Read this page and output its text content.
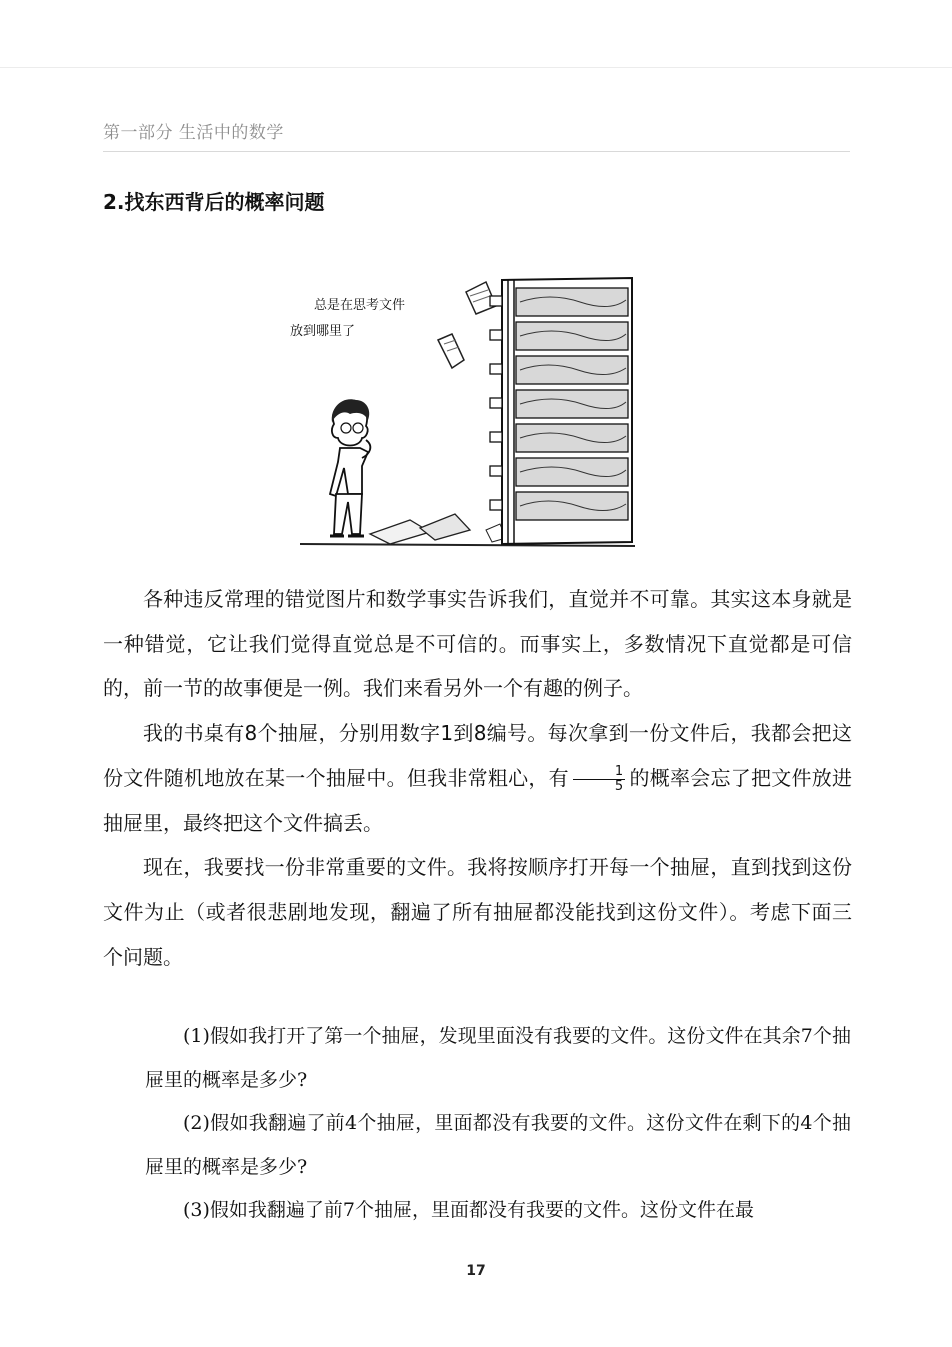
第一部分 生活中的数学
2.找东西背后的概率问题
总是在思考文件
放到哪里了

各种违反常理的错觉图片和数学事实告诉我们，直觉并不可靠。其实这本身就是一种错觉，它让我们觉得直觉总是不可信的。而事实上，多数情况下直觉都是可信的，前一节的故事便是一例。我们来看另外一个有趣的例子。

我的书桌有8个抽屉，分别用数字1到8编号。每次拿到一份文件后，我都会把这份文件随机地放在某一个抽屉中。但我非常粗心，有 $\frac{1}{5}$ 的概率会忘了把文件放进抽屉里，最终把这个文件搞丢。

现在，我要找一份非常重要的文件。我将按顺序打开每一个抽屉，直到找到这份文件为止（或者很悲剧地发现，翻遍了所有抽屉都没能找到这份文件）。考虑下面三个问题。

(1)假如我打开了第一个抽屉，发现里面没有我要的文件。这份文件在其余7个抽屉里的概率是多少?

(2)假如我翻遍了前4个抽屉，里面都没有我要的文件。这份文件在剩下的4个抽屉里的概率是多少?

(3)假如我翻遍了前7个抽屉，里面都没有我要的文件。这份文件在最

17
